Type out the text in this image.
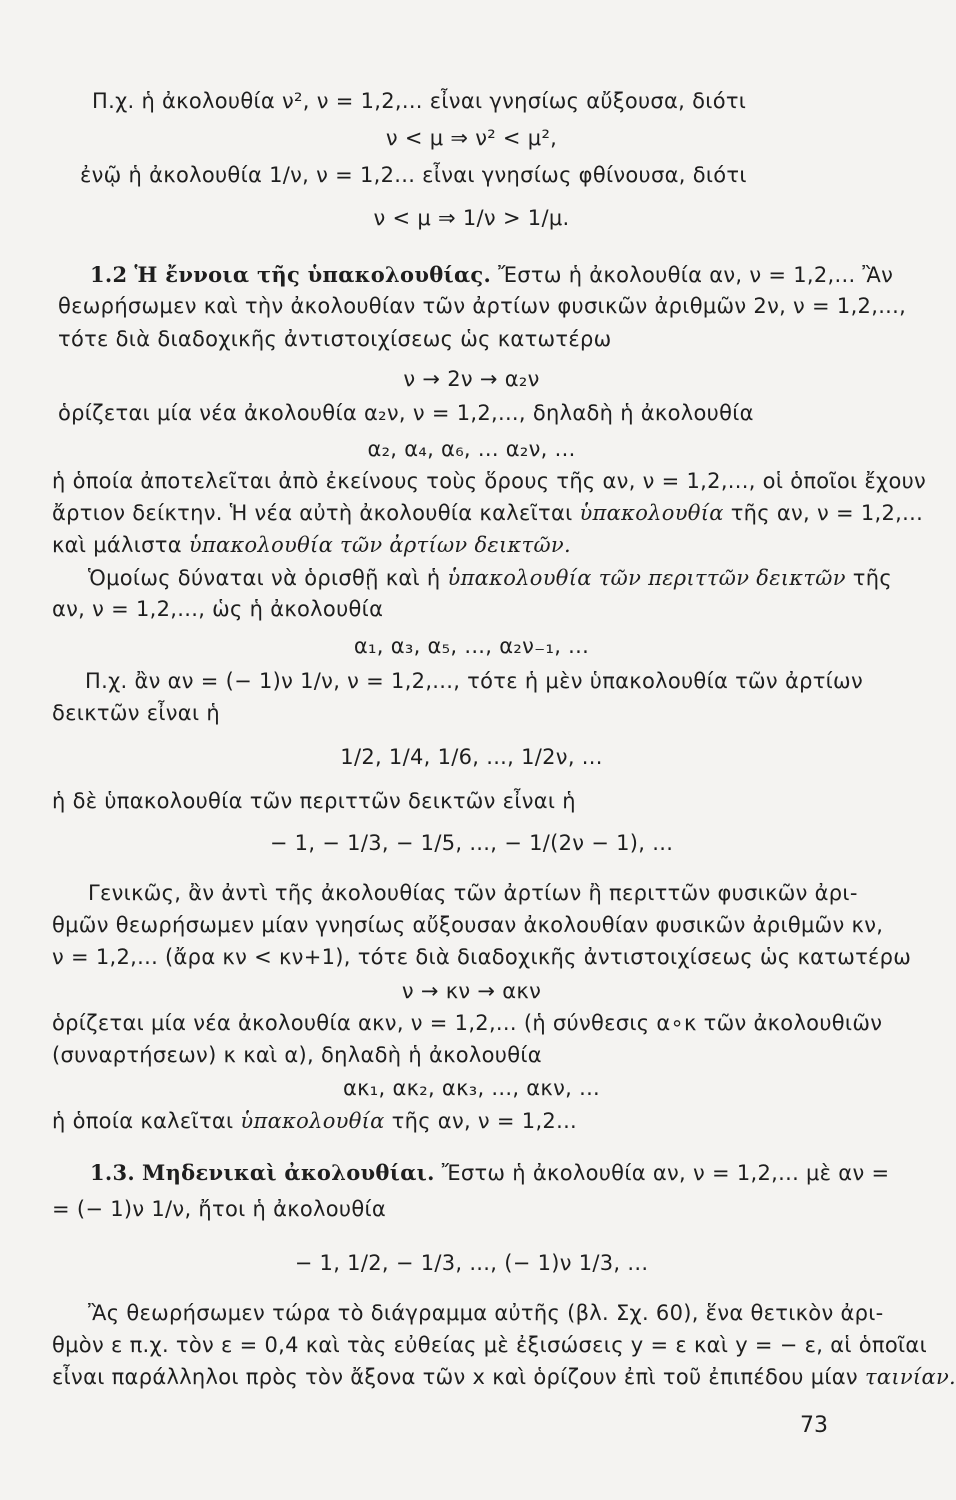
Π.χ. ἡ ἀκολουθία ν², ν = 1,2,... εἶναι γνησίως αὔξουσα, διότι
ν < μ ⇒ ν² < μ²,
ἐνῷ ἡ ἀκολουθία 1/ν, ν = 1,2... εἶναι γνησίως φθίνουσα, διότι
ν < μ ⇒ 1/ν > 1/μ.
1.2 Ἡ ἔννοια τῆς ὑπακολουθίας. Ἔστω ἡ ἀκολουθία αν, ν = 1,2,... Ἂν
θεωρήσωμεν καὶ τὴν ἀκολουθίαν τῶν ἀρτίων φυσικῶν ἀριθμῶν 2ν, ν = 1,2,...,
τότε διὰ διαδοχικῆς ἀντιστοιχίσεως ὡς κατωτέρω
ν → 2ν → α₂ν
ὁρίζεται μία νέα ἀκολουθία α₂ν, ν = 1,2,..., δηλαδὴ ἡ ἀκολουθία
α₂, α₄, α₆, ... α₂ν, ...
ἡ ὁποία ἀποτελεῖται ἀπὸ ἐκείνους τοὺς ὅρους τῆς αν, ν = 1,2,..., οἱ ὁποῖοι ἔχουν
ἄρτιον δείκτην. Ἡ νέα αὐτὴ ἀκολουθία καλεῖται ὑπακολουθία τῆς αν, ν = 1,2,...
καὶ μάλιστα ὑπακολουθία τῶν ἀρτίων δεικτῶν.
Ὁμοίως δύναται νὰ ὁρισθῇ καὶ ἡ ὑπακολουθία τῶν περιττῶν δεικτῶν τῆς
αν, ν = 1,2,..., ὡς ἡ ἀκολουθία
α₁, α₃, α₅, ..., α₂ν₋₁, ...
Π.χ. ἂν αν = (− 1)ν 1/ν, ν = 1,2,..., τότε ἡ μὲν ὑπακολουθία τῶν ἀρτίων
δεικτῶν εἶναι ἡ
1/2, 1/4, 1/6, ..., 1/2ν, ...
ἡ δὲ ὑπακολουθία τῶν περιττῶν δεικτῶν εἶναι ἡ
− 1, − 1/3, − 1/5, ..., − 1/(2ν − 1), ...
Γενικῶς, ἂν ἀντὶ τῆς ἀκολουθίας τῶν ἀρτίων ἢ περιττῶν φυσικῶν ἀρι-
θμῶν θεωρήσωμεν μίαν γνησίως αὔξουσαν ἀκολουθίαν φυσικῶν ἀριθμῶν κν,
ν = 1,2,... (ἄρα κν < κν+1), τότε διὰ διαδοχικῆς ἀντιστοιχίσεως ὡς κατωτέρω
ν → κν → ακν
ὁρίζεται μία νέα ἀκολουθία ακν, ν = 1,2,... (ἡ σύνθεσις α∘κ τῶν ἀκολουθιῶν
(συναρτήσεων) κ καὶ α), δηλαδὴ ἡ ἀκολουθία
ακ₁, ακ₂, ακ₃, ..., ακν, ...
ἡ ὁποία καλεῖται ὑπακολουθία τῆς αν, ν = 1,2...
1.3. Μηδενικαὶ ἀκολουθίαι. Ἔστω ἡ ἀκολουθία αν, ν = 1,2,... μὲ αν =
= (− 1)ν 1/ν, ἤτοι ἡ ἀκολουθία
− 1, 1/2, − 1/3, ..., (− 1)ν 1/3, ...
Ἂς θεωρήσωμεν τώρα τὸ διάγραμμα αὐτῆς (βλ. Σχ. 60), ἕνα θετικὸν ἀρι-
θμὸν ε π.χ. τὸν ε = 0,4 καὶ τὰς εὐθείας μὲ ἐξισώσεις y = ε καὶ y = − ε, αἱ ὁποῖαι
εἶναι παράλληλοι πρὸς τὸν ἄξονα τῶν x καὶ ὁρίζουν ἐπὶ τοῦ ἐπιπέδου μίαν ταινίαν.
73
